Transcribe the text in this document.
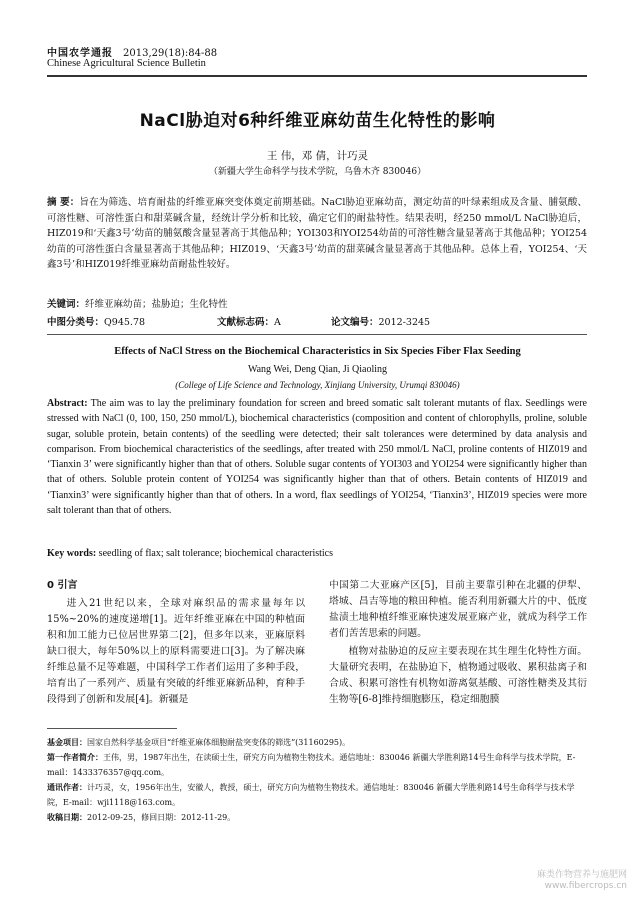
中国农学通报 2013,29(18):84-88
Chinese Agricultural Science Bulletin
NaCl胁迫对6种纤维亚麻幼苗生化特性的影响
王 伟，邓 倩，计巧灵
（新疆大学生命科学与技术学院，乌鲁木齐 830046）
摘 要：旨在为筛选、培育耐盐的纤维亚麻突变体奠定前期基础。NaCl胁迫亚麻幼苗，测定幼苗的叶绿素组成及含量、脯氨酸、可溶性糖、可溶性蛋白和甜菜碱含量，经统计学分析和比较，确定它们的耐盐特性。结果表明，经250 mmol/L NaCl胁迫后，HIZ019和‘天鑫3号’幼苗的脯氨酸含量显著高于其他品种；YOI303和YOI254幼苗的可溶性糖含量显著高于其他品种；YOI254幼苗的可溶性蛋白含量显著高于其他品种；HIZ019、‘天鑫3号’幼苗的甜菜碱含量显著高于其他品种。总体上看，YOI254、‘天鑫3号’和HIZ019纤维亚麻幼苗耐盐性较好。
关键词：纤维亚麻幼苗；盐胁迫；生化特性
中图分类号：Q945.78	文献标志码：A	论文编号：2012-3245
Effects of NaCl Stress on the Biochemical Characteristics in Six Species Fiber Flax Seeding
Wang Wei, Deng Qian, Ji Qiaoling
(College of Life Science and Technology, Xinjiang University, Urumqi 830046)
Abstract: The aim was to lay the preliminary foundation for screen and breed somatic salt tolerant mutants of flax. Seedlings were stressed with NaCl (0, 100, 150, 250 mmol/L), biochemical characteristics (composition and content of chlorophylls, proline, soluble sugar, soluble protein, betain contents) of the seedling were detected; their salt tolerances were determined by data analysis and comparison. From biochemical characteristics of the seedlings, after treated with 250 mmol/L NaCl, proline contents of HIZ019 and ‘Tianxin 3’ were significantly higher than that of others. Soluble sugar contents of YOI303 and YOI254 were significantly higher than that of others. Soluble protein content of YOI254 was significantly higher than that of others. Betain contents of HIZ019 and ‘Tianxin3’ were significantly higher than that of others. In a word, flax seedlings of YOI254, ‘Tianxin3’, HIZ019 species were more salt tolerant than that of others.
Key words: seedling of flax; salt tolerance; biochemical characteristics
0 引言

进入21世纪以来，全球对麻织品的需求量每年以15%~20%的速度递增[1]。近年纤维亚麻在中国的种植面积和加工能力已位居世界第二[2]，但多年以来，亚麻原料缺口很大，每年50%以上的原料需要进口[3]。为了解决麻纤维总量不足等难题，中国科学工作者们运用了多种手段，培育出了一系列产、质量有突破的纤维亚麻新品种，育种手段得到了创新和发展[4]。新疆是

中国第二大亚麻产区[5]，目前主要靠引种在北疆的伊犁、塔城、昌吉等地的粮田种植。能否利用新疆大片的中、低度盐渍土地种植纤维亚麻快速发展亚麻产业，就成为科学工作者们苦苦思索的问题。

植物对盐胁迫的反应主要表现在其生理生化特性方面。大量研究表明，在盐胁迫下，植物通过吸收、累积盐离子和合成、积累可溶性有机物如游离氨基酸、可溶性糖类及其衍生物等[6-8]维持细胞膨压，稳定细胞膜

基金项目：国家自然科学基金项目“纤维亚麻体细胞耐盐突变体的筛选”(31160295)。
第一作者简介：王伟，男，1987年出生，在读硕士生，研究方向为植物生物技术。通信地址：830046 新疆大学胜利路14号生命科学与技术学院，E-mail：1433376357@qq.com。
通讯作者：计巧灵，女，1956年出生，安徽人，教授，硕士，研究方向为植物生物技术。通信地址：830046 新疆大学胜利路14号生命科学与技术学院，E-mail：wji1118@163.com。
收稿日期：2012-09-25，修回日期：2012-11-29。
麻类作物营养与施肥网
www.fibercrops.cn
